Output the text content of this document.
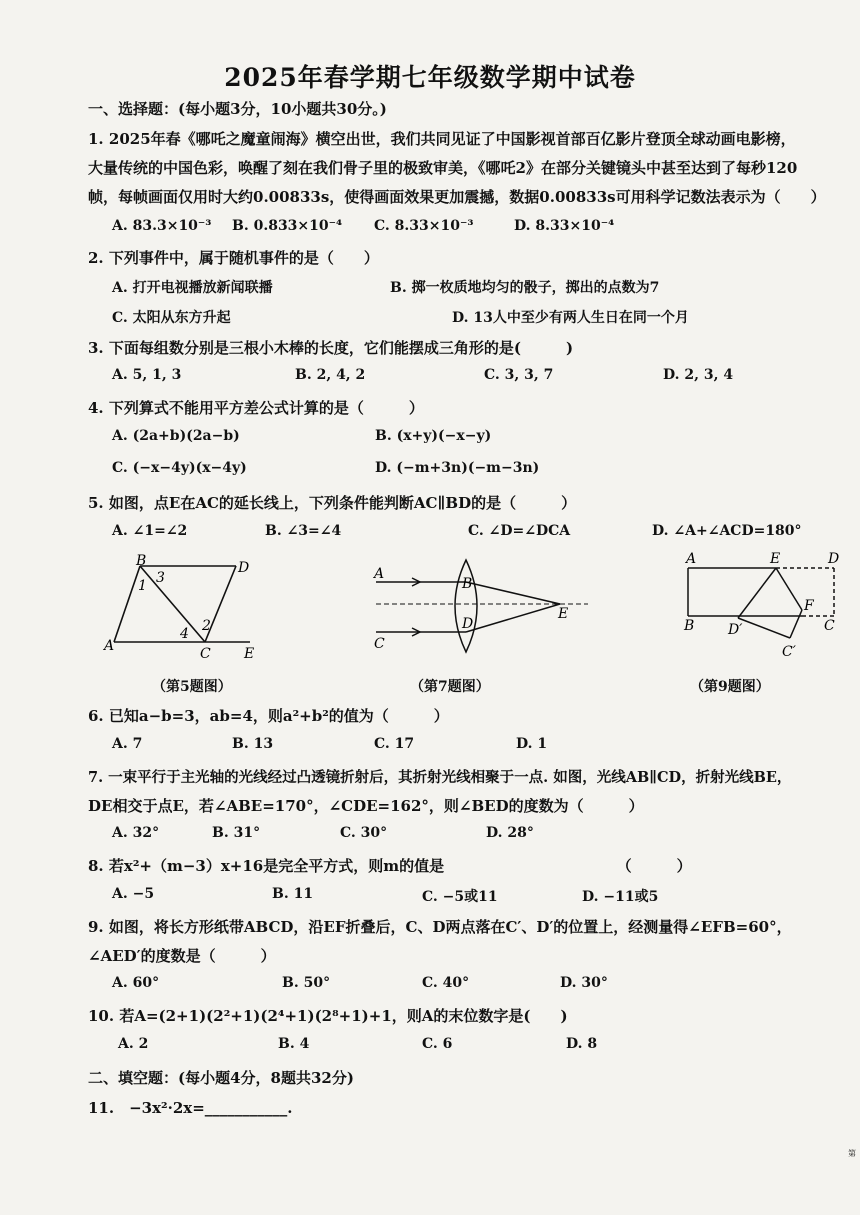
2025年春学期七年级数学期中试卷
一、选择题：(每小题3分，10小题共30分。)
1. 2025年春《哪吒之魔童闹海》横空出世，我们共同见证了中国影视首部百亿影片登顶全球动画电影榜，
大量传统的中国色彩，唤醒了刻在我们骨子里的极致审美，《哪吒2》在部分关键镜头中甚至达到了每秒120
帧，每帧画面仅用时大约0.00833s，使得画面效果更加震撼，数据0.00833s可用科学记数法表示为（　　）
A. 83.3×10⁻³ B. 0.833×10⁻⁴ C. 8.33×10⁻³	D. 8.33×10⁻⁴
2. 下列事件中，属于随机事件的是（　　）
A. 打开电视播放新闻联播	B. 掷一枚质地均匀的骰子，掷出的点数为7
C. 太阳从东方升起	D. 13人中至少有两人生日在同一个月
3. 下面每组数分别是三根小木棒的长度，它们能摆成三角形的是(　　　)
A. 5, 1, 3	B. 2, 4, 2	C. 3, 3, 7	D. 2, 3, 4
4. 下列算式不能用平方差公式计算的是（　　　）
A. (2a+b)(2a−b)	B. (x+y)(−x−y)
C. (−x−4y)(x−4y)	D. (−m+3n)(−m−3n)
5. 如图，点E在AC的延长线上，下列条件能判断AC∥BD的是（　　　）
A. ∠1=∠2	B. ∠3=∠4	C. ∠D=∠DCA	D. ∠A+∠ACD=180°
B	D
A	C E
1 3
4 2
（第5题图）
A
B
C
D
E
（第7题图）
A	E	D
B D′
F
C
C′
（第9题图）
6. 已知a−b=3，ab=4，则a²+b²的值为（　　　）
A. 7	B. 13	C. 17	D. 1
7. 一束平行于主光轴的光线经过凸透镜折射后，其折射光线相聚于一点. 如图，光线AB∥CD，折射光线BE，
DE相交于点E，若∠ABE=170°，∠CDE=162°，则∠BED的度数为（　　　）
A. 32°	B. 31°	C. 30°	D. 28°
8. 若x²+（m−3）x+16是完全平方式，则m的值是　　　　　　　　　　　　（　　　）
A. −5	B. 11	C. −5或11	D. −11或5
9. 如图，将长方形纸带ABCD，沿EF折叠后，C、D两点落在C′、D′的位置上，经测量得∠EFB=60°，
∠AED′的度数是（　　　）
A. 60°	B. 50°	C. 40°	D. 30°
10. 若A=(2+1)(2²+1)(2⁴+1)(2⁸+1)+1，则A的末位数字是(　　)
A. 2	B. 4	C. 6	D. 8
二、填空题：(每小题4分，8题共32分)
11.　−3x²·2x=___________.
第
